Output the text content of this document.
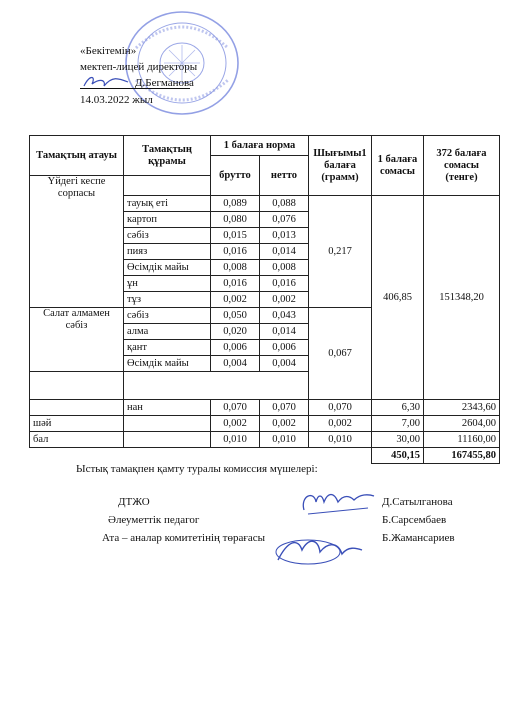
«Бекітемін»
мектеп-лицей директоры
Д.Бегманова
14.03.2022 жыл
Тамақтың атауы	Тамақтың құрамы	1 балаға норма		Шығымы1 балаға (грамм)	1 балаға сомасы	372 балаға сомасы (тенге)
		брутто	нетто			
Үйдегі кеспе сорпасы						
	тауық еті	0,089	0,088	0,217	406,85	151348,20
	картоп	0,080	0,076			
	сәбіз	0,015	0,013			
	пияз	0,016	0,014			
	Өсімдік майы	0,008	0,008			
	ұн	0,016	0,016			
	тұз	0,002	0,002			
Салат алмамен сәбіз	сәбіз	0,050	0,043	0,067		
	алма	0,020	0,014			
	қант	0,006	0,006			
	Өсімдік майы	0,004	0,004			

	нан	0,070	0,070	0,070	6,30	2343,60
шәй		0,002	0,002	0,002	7,00	2604,00
бал		0,010	0,010	0,010	30,00	11160,00
					450,15	167455,80
Ыстық тамақпен қамту туралы комиссия мүшелері:
ДТЖО
Әлеуметтік педагог
Ата – аналар комитетінің төрағасы
Д.Сатылганова
Б.Сарсембаев
Б.Жамансариев
